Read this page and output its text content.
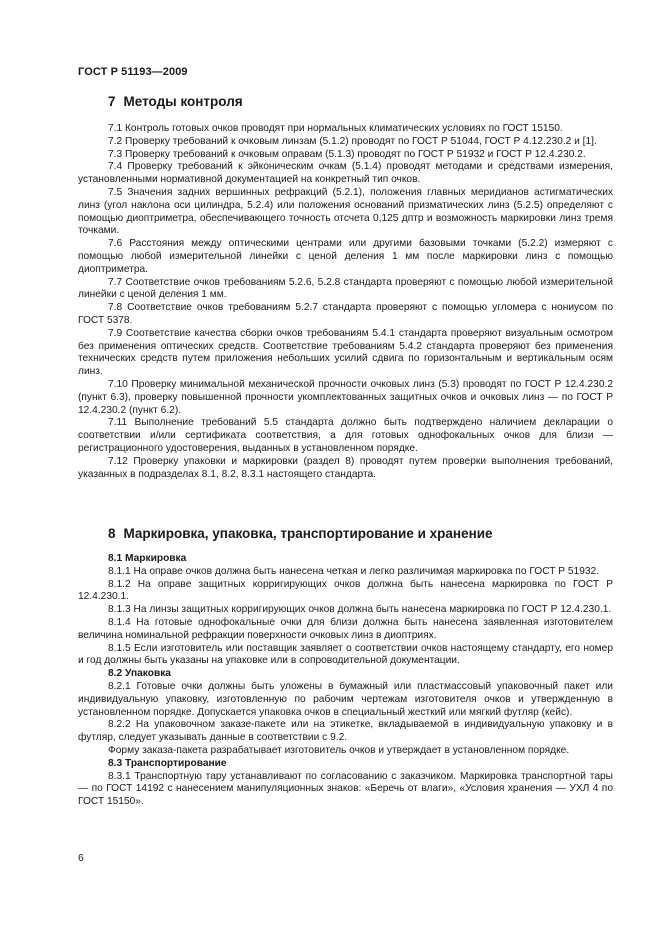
ГОСТ Р 51193—2009
7 Методы контроля

7.1 Контроль готовых очков проводят при нормальных климатических условиях по ГОСТ 15150.

7.2 Проверку требований к очковым линзам (5.1.2) проводят по ГОСТ Р 51044, ГОСТ Р 4.12.230.2 и [1].

7.3 Проверку требований к очковым оправам (5.1.3) проводят по ГОСТ Р 51932 и ГОСТ Р 12.4.230.2.

7.4 Проверку требований к эйконическим очкам (5.1.4) проводят методами и средствами измерения, установленными нормативной документацией на конкретный тип очков.

7.5 Значения задних вершинных рефракций (5.2.1), положения главных меридианов астигматических линз (угол наклона оси цилиндра, 5.2.4) или положения оснований призматических линз (5.2.5) определяют с помощью диоптриметра, обеспечивающего точность отсчета 0,125 дптр и возможность маркировки линз тремя точками.

7.6 Расстояния между оптическими центрами или другими базовыми точками (5.2.2) измеряют с помощью любой измерительной линейки с ценой деления 1 мм после маркировки линз с помощью диоптриметра.

7.7 Соответствие очков требованиям 5.2.6, 5.2.8 стандарта проверяют с помощью любой измерительной линейки с ценой деления 1 мм.

7.8 Соответствие очков требованиям 5.2.7 стандарта проверяют с помощью угломера с нониусом по ГОСТ 5378.

7.9 Соответствие качества сборки очков требованиям 5.4.1 стандарта проверяют визуальным осмотром без применения оптических средств. Соответствие требованиям 5.4.2 стандарта проверяют без применения технических средств путем приложения небольших усилий сдвига по горизонтальным и вертикальным осям линз.

7.10 Проверку минимальной механической прочности очковых линз (5.3) проводят по ГОСТ Р 12.4.230.2 (пункт 6.3), проверку повышенной прочности укомплектованных защитных очков и очковых линз — по ГОСТ Р 12.4.230.2 (пункт 6.2).

7.11 Выполнение требований 5.5 стандарта должно быть подтверждено наличием декларации о соответствии и/или сертификата соответствия, а для готовых однофокальных очков для близи — регистрационного удостоверения, выданных в установленном порядке.

7.12 Проверку упаковки и маркировки (раздел 8) проводят путем проверки выполнения требований, указанных в подразделах 8.1, 8.2, 8.3.1 настоящего стандарта.

8 Маркировка, упаковка, транспортирование и хранение

8.1 Маркировка

8.1.1 На оправе очков должна быть нанесена четкая и легко различимая маркировка по ГОСТ Р 51932.

8.1.2 На оправе защитных корригирующих очков должна быть нанесена маркировка по ГОСТ Р 12.4.230.1.

8.1.3 На линзы защитных корригирующих очков должна быть нанесена маркировка по ГОСТ Р 12.4.230.1.

8.1.4 На готовые однофокальные очки для близи должна быть нанесена заявленная изготовителем величина номинальной рефракции поверхности очковых линз в диоптриях.

8.1.5 Если изготовитель или поставщик заявляет о соответствии очков настоящему стандарту, его номер и год должны быть указаны на упаковке или в сопроводительной документации.

8.2 Упаковка

8.2.1 Готовые очки должны быть уложены в бумажный или пластмассовый упаковочный пакет или индивидуальную упаковку, изготовленную по рабочим чертежам изготовителя очков и утвержденную в установленном порядке. Допускается упаковка очков в специальный жесткий или мягкий футляр (кейс).

8.2.2 На упаковочном заказе-пакете или на этикетке, вкладываемой в индивидуальную упаковку и в футляр, следует указывать данные в соответствии с 9.2.

Форму заказа-пакета разрабатывает изготовитель очков и утверждает в установленном порядке.

8.3 Транспортирование

8.3.1 Транспортную тару устанавливают по согласованию с заказчиком. Маркировка транспортной тары — по ГОСТ 14192 с нанесением манипуляционных знаков: «Беречь от влаги», «Условия хранения — УХЛ 4 по ГОСТ 15150».

6
